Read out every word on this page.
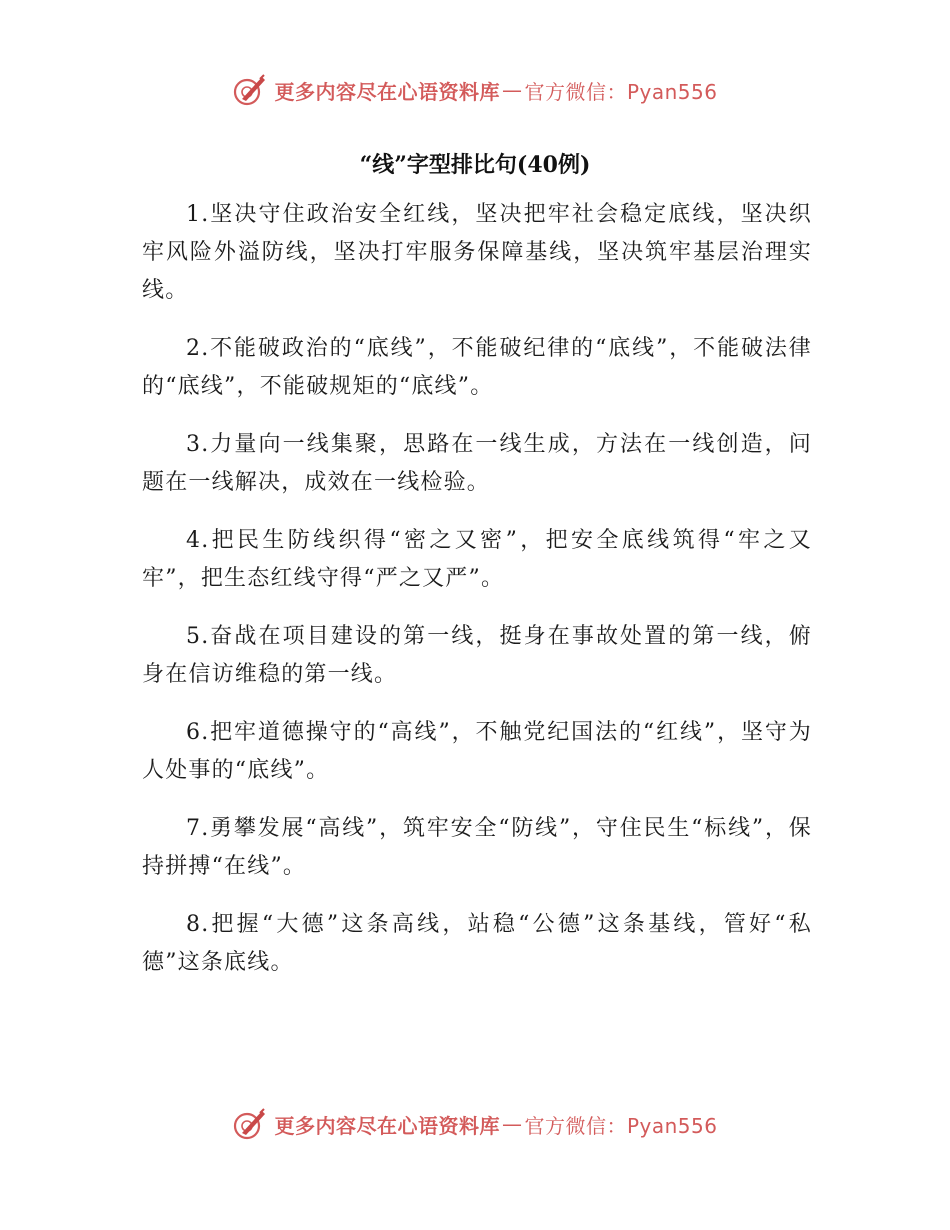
更多内容尽在心语资料库 — 官方微信：Pyan556
“线”字型排比句(40例)

1.坚决守住政治安全红线，坚决把牢社会稳定底线，坚决织牢风险外溢防线，坚决打牢服务保障基线，坚决筑牢基层治理实线。

2.不能破政治的“底线”，不能破纪律的“底线”，不能破法律的“底线”，不能破规矩的“底线”。

3.力量向一线集聚，思路在一线生成，方法在一线创造，问题在一线解决，成效在一线检验。

4.把民生防线织得“密之又密”，把安全底线筑得“牢之又牢”，把生态红线守得“严之又严”。

5.奋战在项目建设的第一线，挺身在事故处置的第一线，俯身在信访维稳的第一线。

6.把牢道德操守的“高线”，不触党纪国法的“红线”，坚守为人处事的“底线”。

7.勇攀发展“高线”，筑牢安全“防线”，守住民生“标线”，保持拼搏“在线”。

8.把握“大德”这条高线，站稳“公德”这条基线，管好“私德”这条底线。

更多内容尽在心语资料库 — 官方微信：Pyan556
